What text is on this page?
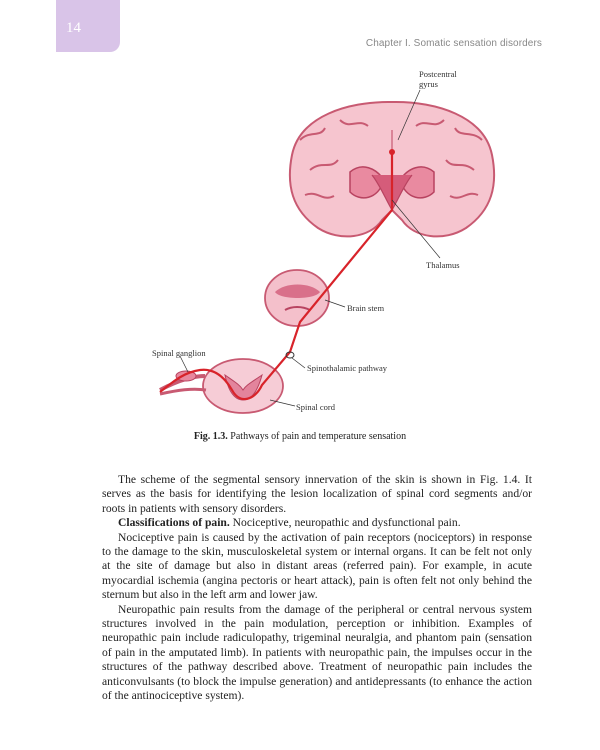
14
Chapter I. Somatic sensation disorders
Postcentral
gyrus
Thalamus
Brain stem
Spinal ganglion
Spinothalamic pathway
Spinal cord
Fig. 1.3. Pathways of pain and temperature sensation

The scheme of the segmental sensory innervation of the skin is shown in Fig. 1.4. It serves as the basis for identifying the lesion localization of spinal cord segments and/or roots in patients with sensory disorders.

Classifications of pain. Nociceptive, neuropathic and dysfunctional pain.

Nociceptive pain is caused by the activation of pain receptors (nociceptors) in response to the damage to the skin, musculoskeletal system or internal organs. It can be felt not only at the site of damage but also in distant areas (referred pain). For example, in acute myocardial ischemia (angina pectoris or heart attack), pain is often felt not only behind the sternum but also in the left arm and lower jaw.

Neuropathic pain results from the damage of the peripheral or central nervous system structures involved in the pain modulation, perception or inhibition. Examples of neuropathic pain include radiculopathy, trigeminal neuralgia, and phantom pain (sensation of pain in the amputated limb). In patients with neuropathic pain, the impulses occur in the structures of the pathway described above. Treatment of neuropathic pain includes the anticonvulsants (to block the impulse generation) and antidepressants (to enhance the action of the antinociceptive system).
